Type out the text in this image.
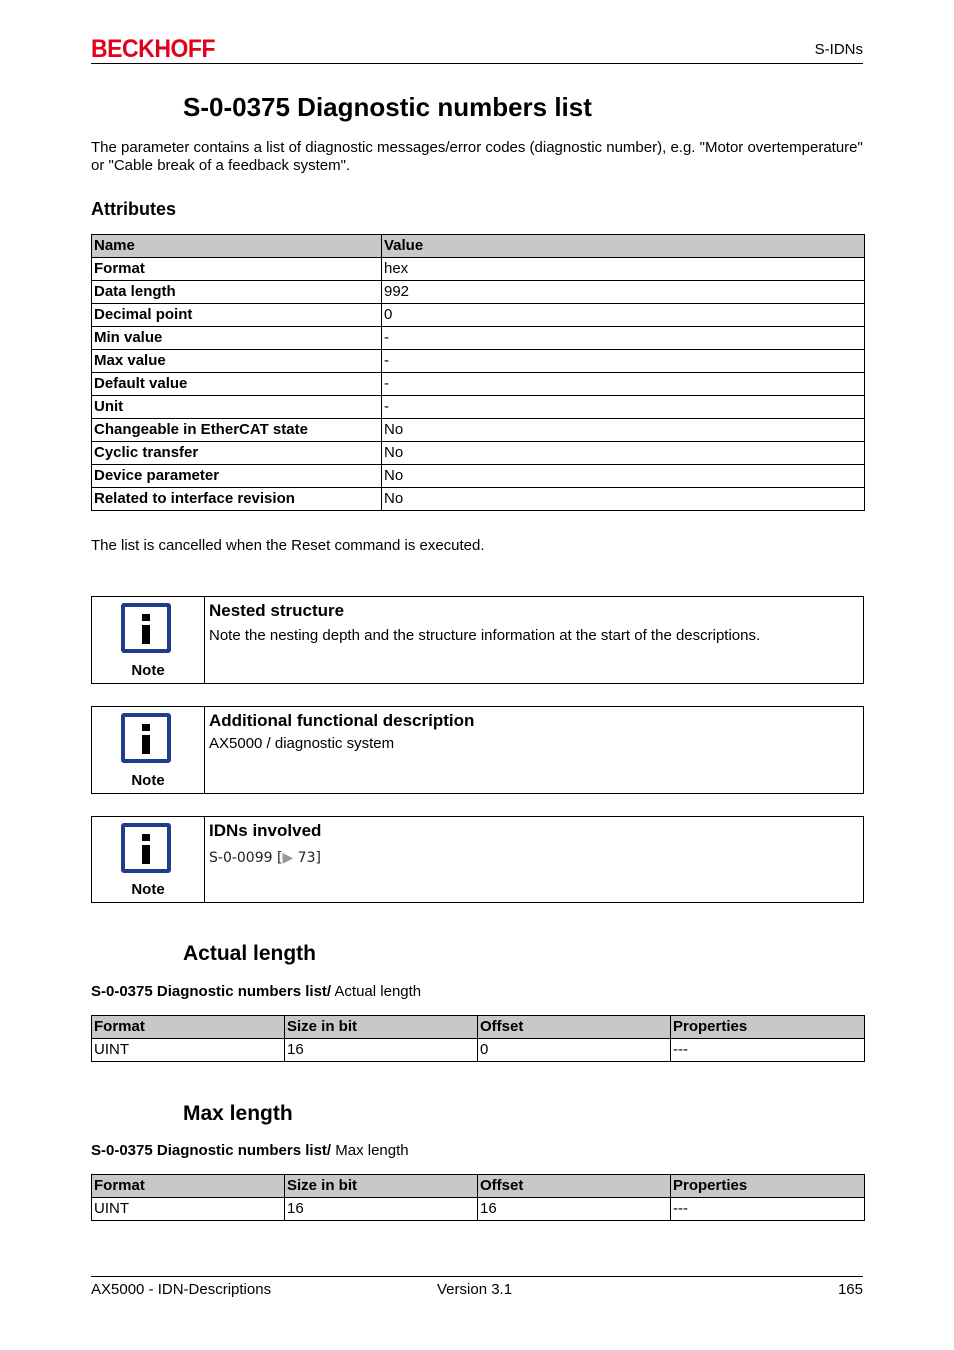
BECKHOFF	S-IDNs
S-0-0375 Diagnostic numbers list

The parameter contains a list of diagnostic messages/error codes (diagnostic number), e.g. "Motor overtemperature" or "Cable break of a feedback system".

Attributes
Name	Value
Format	hex
Data length	992
Decimal point	0
Min value	-
Max value	-
Default value	-
Unit	-
Changeable in EtherCAT state	No
Cyclic transfer	No
Device parameter	No
Related to interface revision	No
The list is cancelled when the Reset command is executed.
Note
Nested structure
Note the nesting depth and the structure information at the start of the descriptions.
Note
Additional functional description
AX5000 / diagnostic system
Note
IDNs involved
S-0-0099 [▶ 73]
Actual length
S-0-0375 Diagnostic numbers list/ Actual length
Format	Size in bit	Offset	Properties
UINT	16	0	---
Max length
S-0-0375 Diagnostic numbers list/ Max length
Format	Size in bit	Offset	Properties
UINT	16	16	---
AX5000 - IDN-Descriptions	Version 3.1	165
